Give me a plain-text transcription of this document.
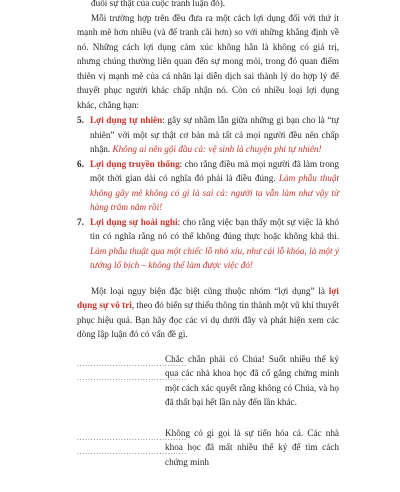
đuổi sự thật của cuộc tranh luận đó).

Mỗi trường hợp trên đều đưa ra một cách lợi dụng đối với thứ ít mạnh mẽ hơn nhiều (và để tranh cãi hơn) so với những khẳng định về nó. Những cách lợi dụng cảm xúc không hẳn là không có giá trị, nhưng chúng thường liên quan đến sự mong mỏi, trong đó quan điểm thiên vị mạnh mẽ của cá nhân lại diễn dịch sai thành lý do hợp lý để thuyết phục người khác chấp nhận nó. Còn có nhiều loại lợi dụng khác, chẳng hạn:

5. Lợi dụng tự nhiên: gây sự nhầm lẫn giữa những gì bạn cho là “tự nhiên” với một sự thật cơ bản mà tất cả mọi người đều nên chấp nhận. Không ai nên gội đầu cả: vệ sinh là chuyện phi tự nhiên!
6. Lợi dụng truyền thống: cho rằng điều mà mọi người đã làm trong một thời gian dài có nghĩa đó phải là điều đúng. Làm phẫu thuật không gây mê không có gì là sai cả: người ta vẫn làm như vậy từ hàng trăm năm rồi!
7. Lợi dụng sự hoài nghi: cho rằng việc bạn thấy một sự việc là khó tin có nghĩa rằng nó có thể không đúng thực hoặc không khả thi. Làm phẫu thuật qua một chiếc lỗ nhỏ xíu, như cái lỗ khóa, là một ý tưởng lố bịch – không thể làm được việc đó!

Một loại ngụy biện đặc biệt cũng thuộc nhóm “lợi dụng” là lợi dụng sự vô tri, theo đó biến sự thiếu thông tin thành một vũ khí thuyết phục hiệu quả. Bạn hãy đọc các ví dụ dưới đây và phát hiện xem các dòng lập luận đó có vấn đề gì.

........................................
........................................

Chắc chắn phải có Chúa! Suốt nhiều thế kỷ qua các nhà khoa học đã cố gắng chứng minh một cách xác quyết rằng không có Chúa, và họ đã thất bại hết lần này đến lần khác.

........................................
........................................

Không có gì gọi là sự tiến hóa cả. Các nhà khoa học đã mất nhiều thế kỷ để tìm cách chứng minh
